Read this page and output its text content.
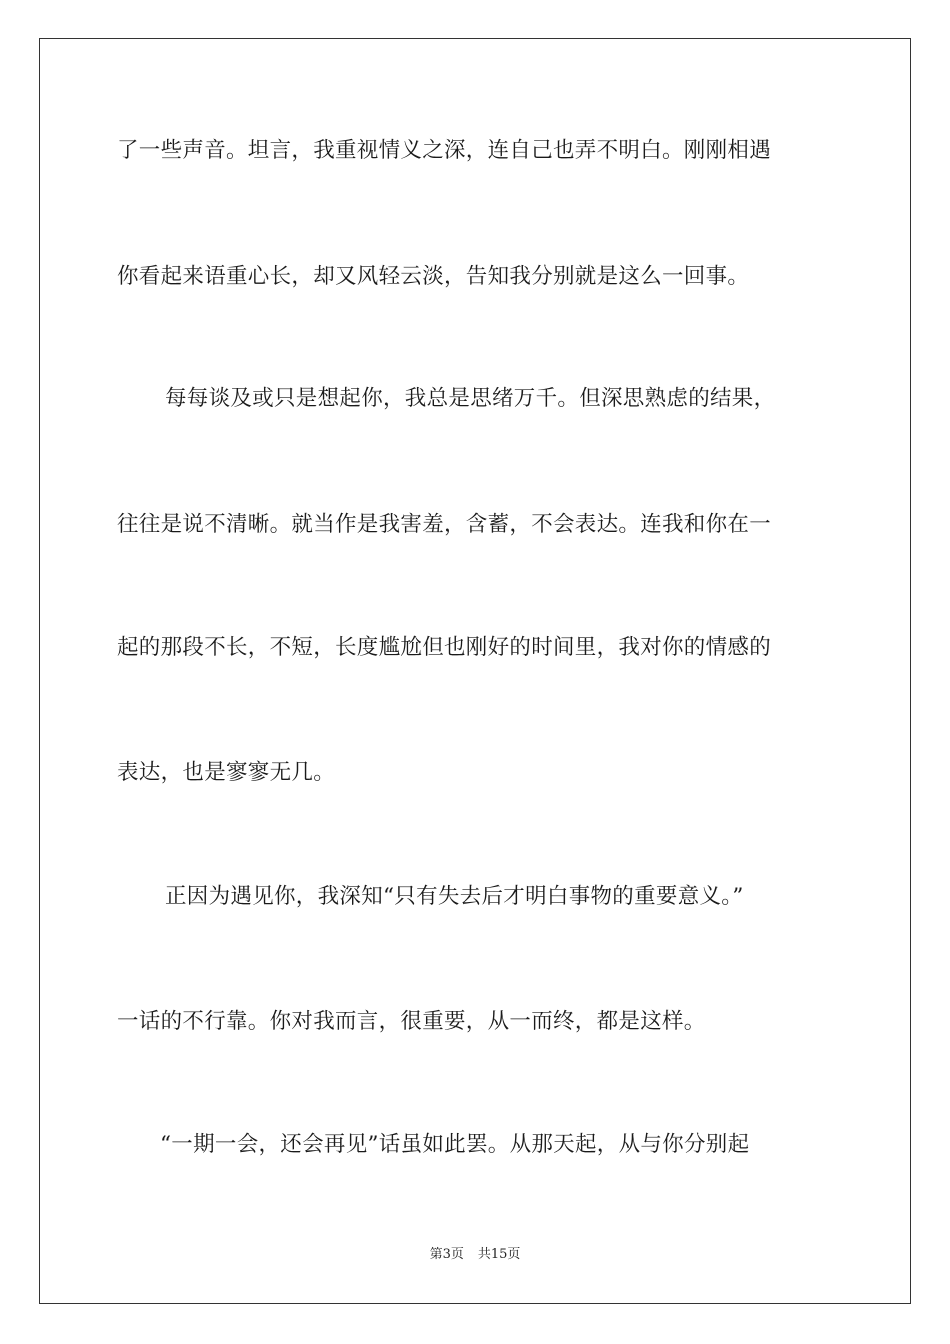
了一些声音。坦言，我重视情义之深，连自己也弄不明白。刚刚相遇
你看起来语重心长，却又风轻云淡，告知我分别就是这么一回事。
每每谈及或只是想起你，我总是思绪万千。但深思熟虑的结果，
往往是说不清晰。就当作是我害羞，含蓄，不会表达。连我和你在一
起的那段不长，不短，长度尴尬但也刚好的时间里，我对你的情感的
表达，也是寥寥无几。
正因为遇见你，我深知“只有失去后才明白事物的重要意义。”
一话的不行靠。你对我而言，很重要，从一而终，都是这样。
“一期一会，还会再见”话虽如此罢。从那天起，从与你分别起
第3页 共15页
